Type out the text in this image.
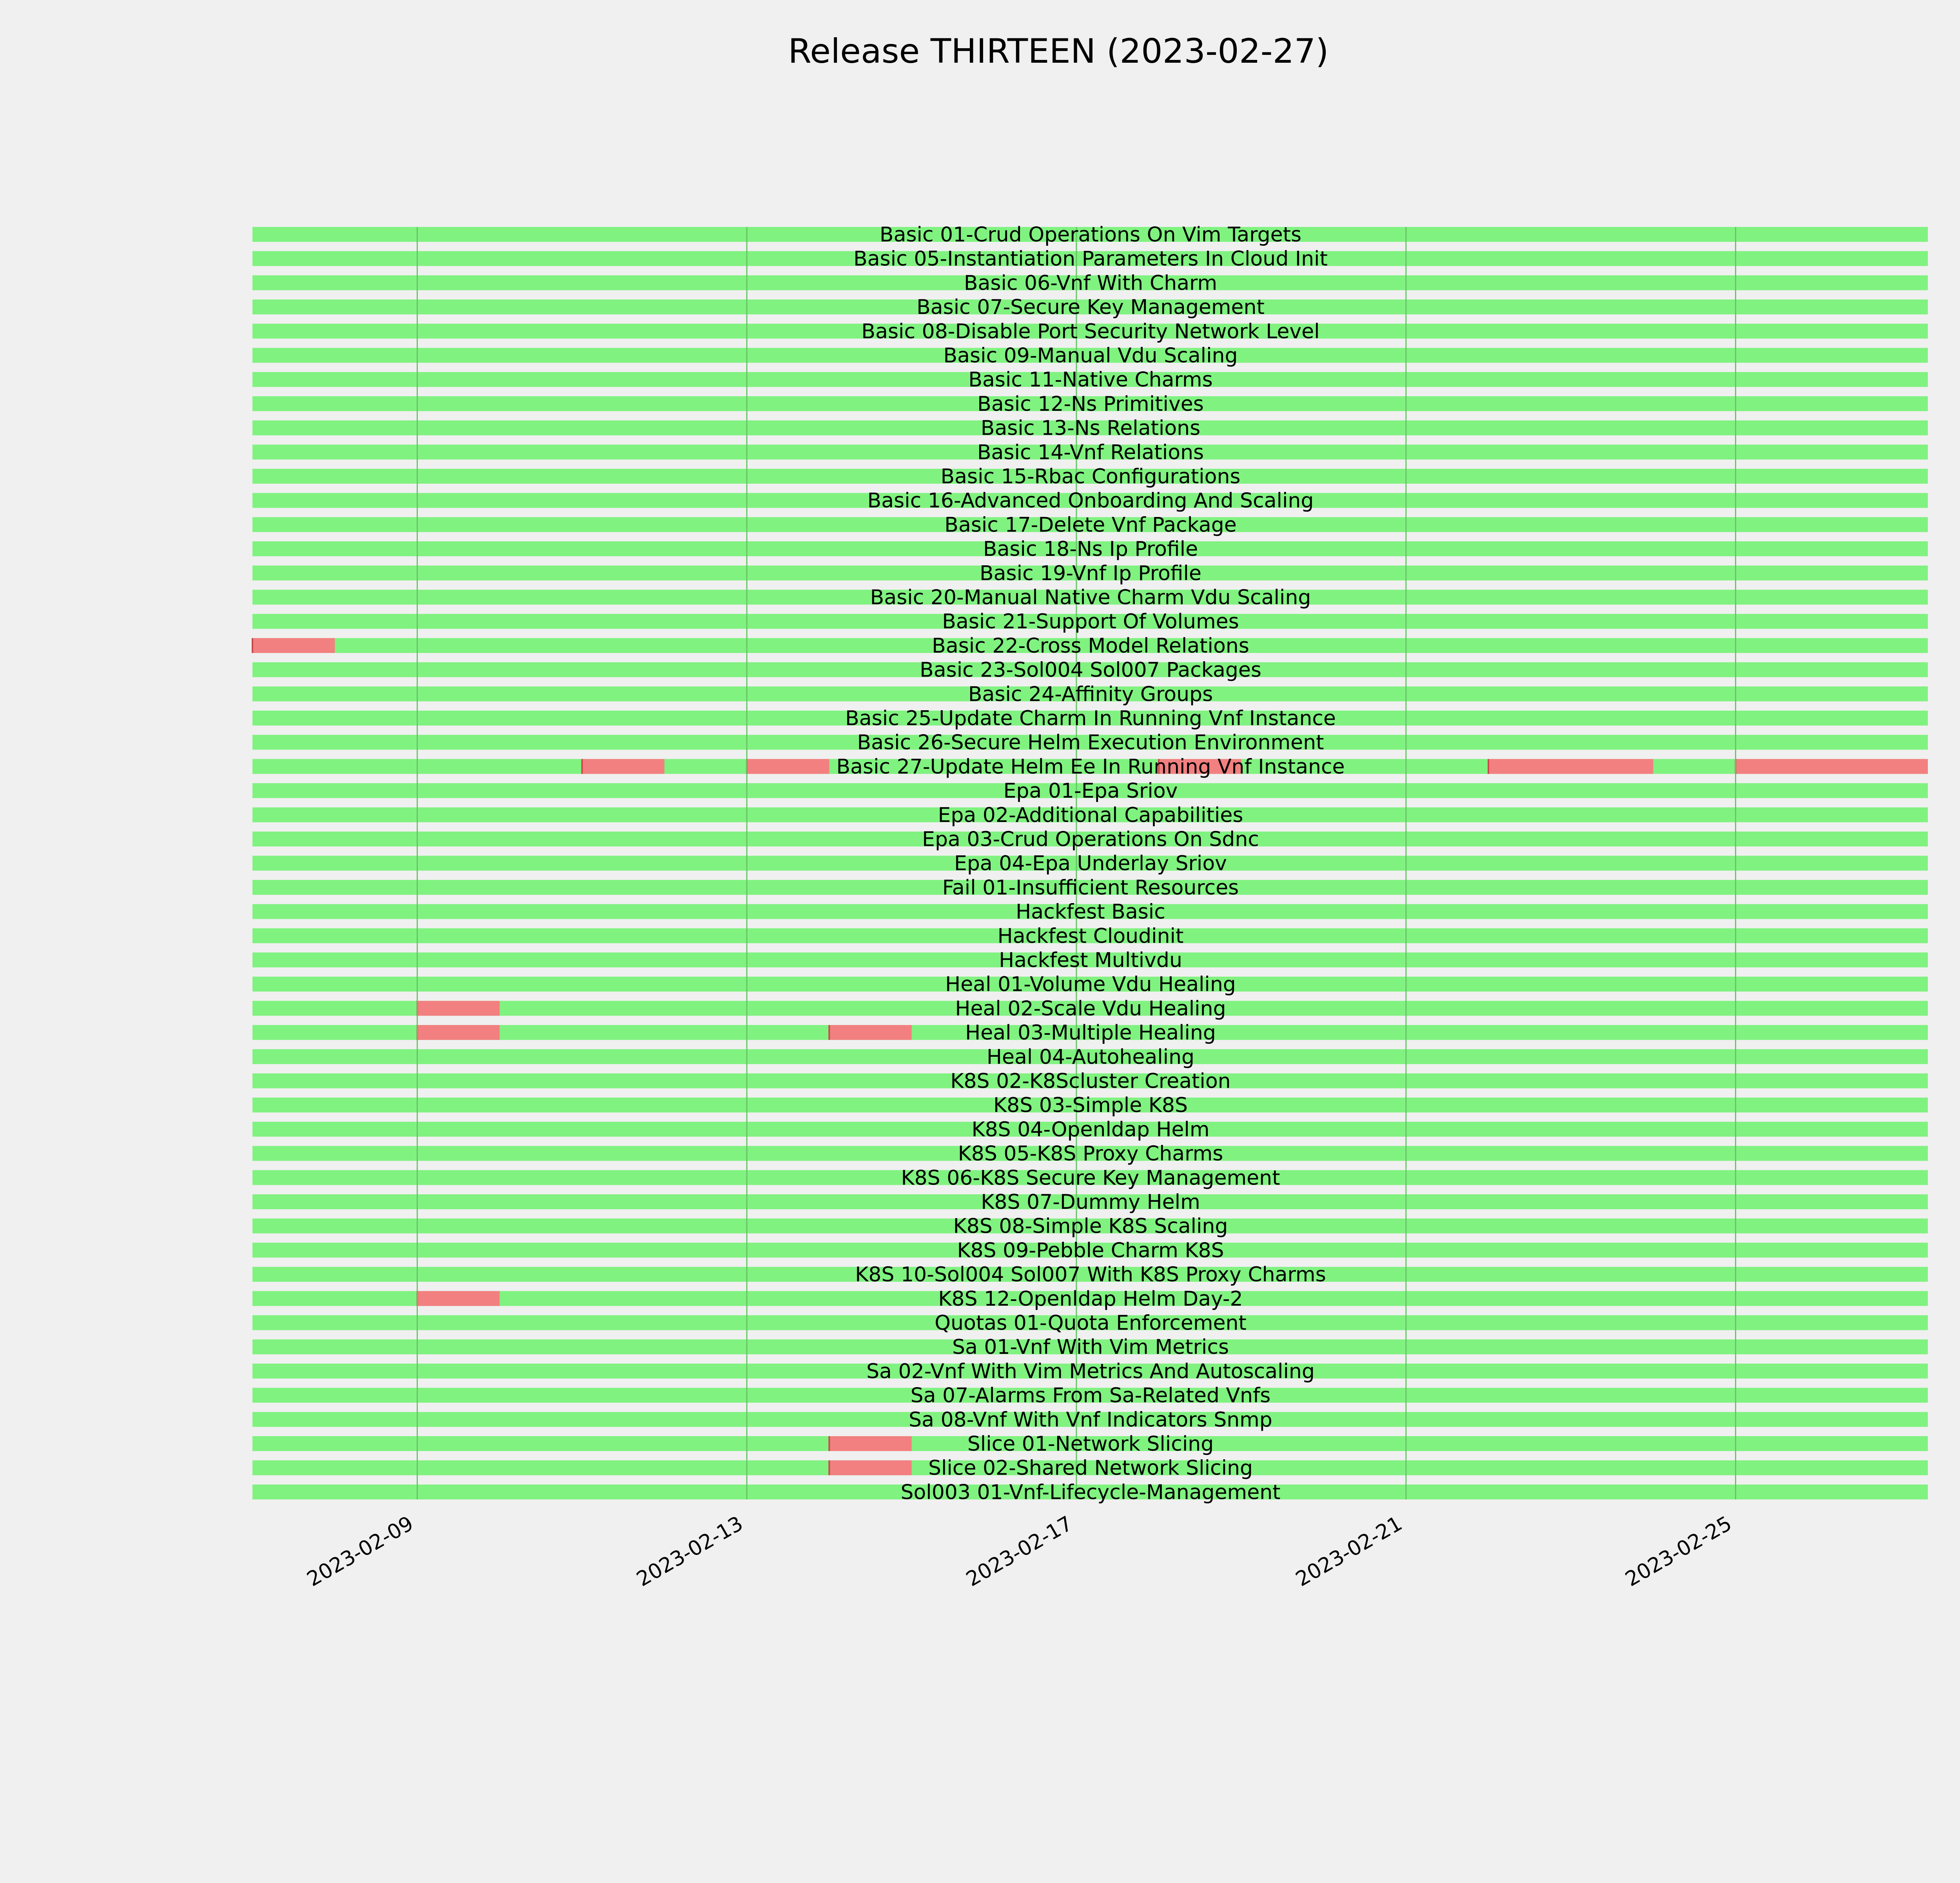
Release THIRTEEN (2023-02-27)
Basic 01-Crud Operations On Vim Targets
Basic 05-Instantiation Parameters In Cloud Init
Basic 06-Vnf With Charm
Basic 07-Secure Key Management
Basic 08-Disable Port Security Network Level
Basic 09-Manual Vdu Scaling
Basic 11-Native Charms
Basic 12-Ns Primitives
Basic 13-Ns Relations
Basic 14-Vnf Relations
Basic 15-Rbac Configurations
Basic 16-Advanced Onboarding And Scaling
Basic 17-Delete Vnf Package
Basic 18-Ns Ip Profile
Basic 19-Vnf Ip Profile
Basic 20-Manual Native Charm Vdu Scaling
Basic 21-Support Of Volumes
Basic 22-Cross Model Relations
Basic 23-Sol004 Sol007 Packages
Basic 24-Affinity Groups
Basic 25-Update Charm In Running Vnf Instance
Basic 26-Secure Helm Execution Environment
Basic 27-Update Helm Ee In Running Vnf Instance
Epa 01-Epa Sriov
Epa 02-Additional Capabilities
Epa 03-Crud Operations On Sdnc
Epa 04-Epa Underlay Sriov
Fail 01-Insufficient Resources
Hackfest Basic
Hackfest Cloudinit
Hackfest Multivdu
Heal 01-Volume Vdu Healing
Heal 02-Scale Vdu Healing
Heal 03-Multiple Healing
Heal 04-Autohealing
K8S 02-K8Scluster Creation
K8S 03-Simple K8S
K8S 04-Openldap Helm
K8S 05-K8S Proxy Charms
K8S 06-K8S Secure Key Management
K8S 07-Dummy Helm
K8S 08-Simple K8S Scaling
K8S 09-Pebble Charm K8S
K8S 10-Sol004 Sol007 With K8S Proxy Charms
K8S 12-Openldap Helm Day-2
Quotas 01-Quota Enforcement
Sa 01-Vnf With Vim Metrics
Sa 02-Vnf With Vim Metrics And Autoscaling
Sa 07-Alarms From Sa-Related Vnfs
Sa 08-Vnf With Vnf Indicators Snmp
Slice 01-Network Slicing
Slice 02-Shared Network Slicing
Sol003 01-Vnf-Lifecycle-Management
2023-02-09	2023-02-13	2023-02-17	2023-02-21	2023-02-25
